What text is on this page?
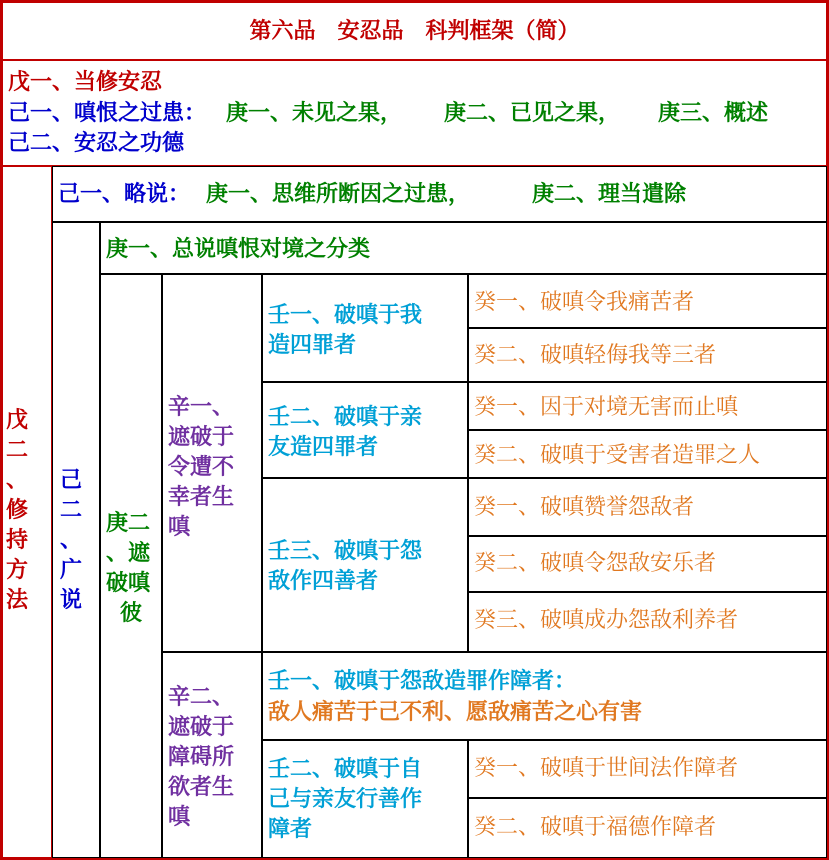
第六品　安忍品　科判框架（简）
戊一、当修安忍
己一、嗔恨之过患： 庚一、未见之果， 庚二、已见之果， 庚三、概述
己二、安忍之功德
戊
二
、
修
持
方
法
己一、略说： 庚一、思维所断因之过患，	庚二、理当遣除
己
二
、
广
说
庚一、总说嗔恨对境之分类
庚二
、遮
破嗔
彼
辛一、
遮破于
令遭不
幸者生
嗔
辛二、
遮破于
障碍所
欲者生
嗔
壬一、破嗔于我
造四罪者
壬二、破嗔于亲
友造四罪者
壬三、破嗔于怨
敌作四善者
壬一、破嗔于怨敌造罪作障者：
敌人痛苦于己不利、愿敌痛苦之心有害
壬二、破嗔于自
己与亲友行善作
障者
癸一、破嗔令我痛苦者
癸二、破嗔轻侮我等三者
癸一、因于对境无害而止嗔
癸二、破嗔于受害者造罪之人
癸一、破嗔赞誉怨敌者
癸二、破嗔令怨敌安乐者
癸三、破嗔成办怨敌利养者
癸一、破嗔于世间法作障者
癸二、破嗔于福德作障者
